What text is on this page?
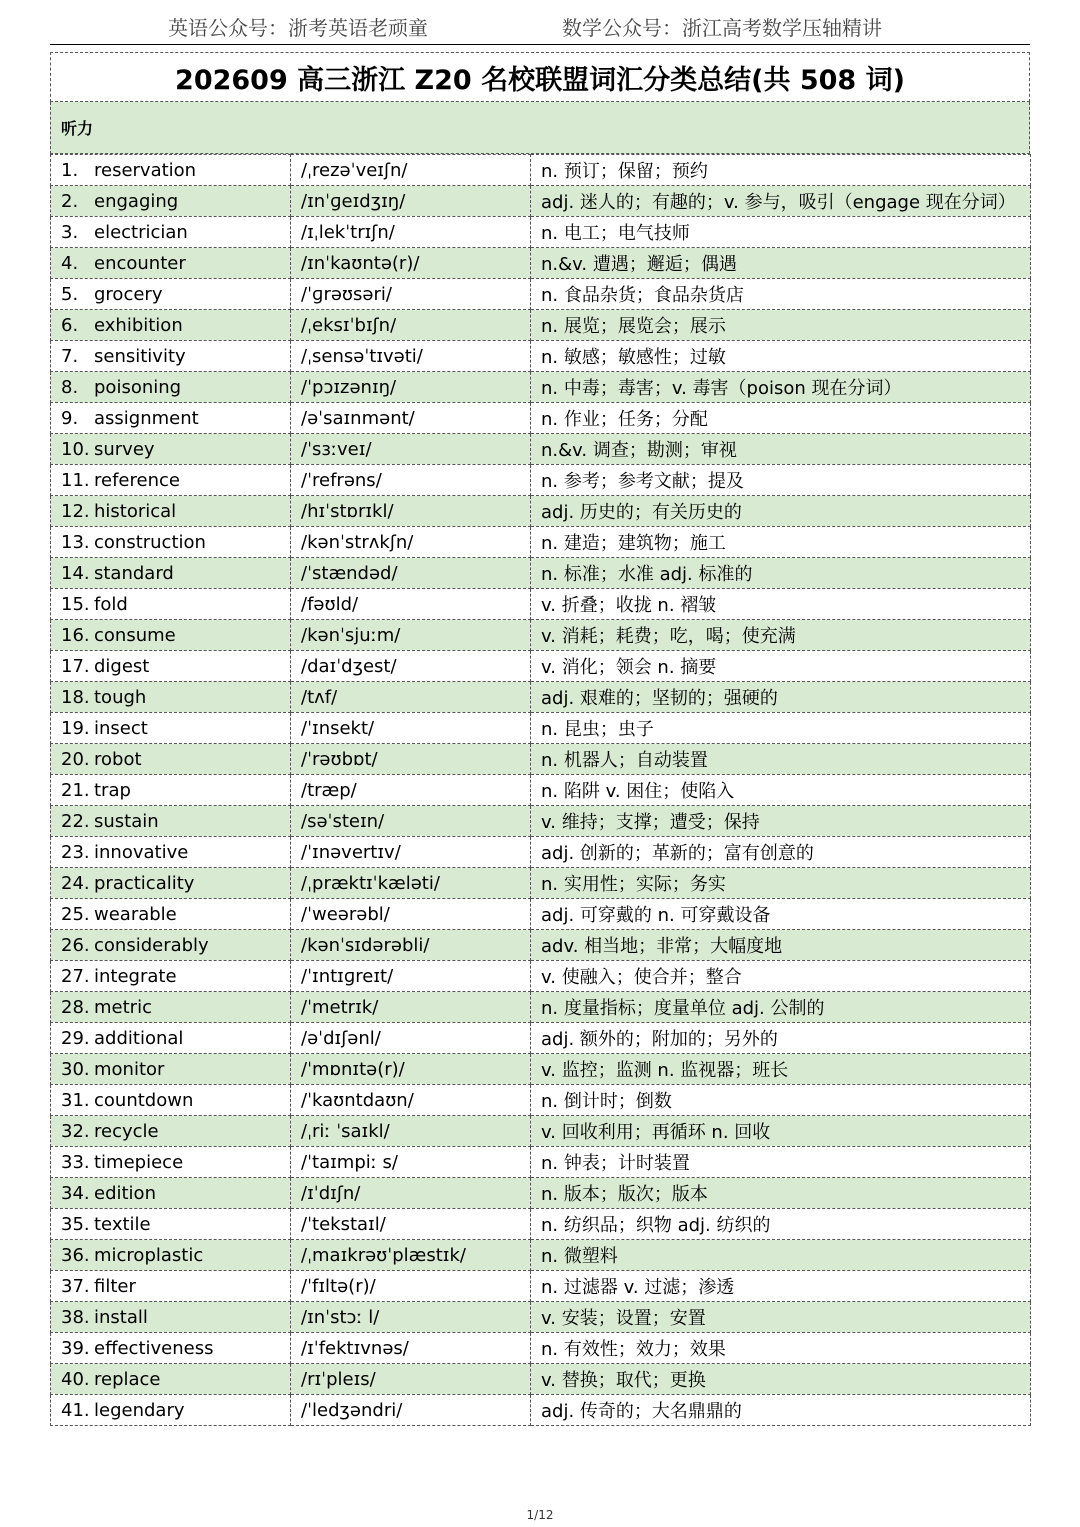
英语公众号：浙考英语老顽童	数学公众号：浙江高考数学压轴精讲
202609 高三浙江 Z20 名校联盟词汇分类总结(共 508 词)
听力
1. reservation	/ˌrezəˈveɪʃn/	n. 预订；保留；预约
2. engaging	/ɪnˈɡeɪdʒɪŋ/	adj. 迷人的；有趣的；v. 参与，吸引（engage 现在分词）
3. electrician	/ɪˌlekˈtrɪʃn/	n. 电工；电气技师
4. encounter	/ɪnˈkaʊntə(r)/	n.&v. 遭遇；邂逅；偶遇
5. grocery	/ˈɡrəʊsəri/	n. 食品杂货；食品杂货店
6. exhibition	/ˌeksɪˈbɪʃn/	n. 展览；展览会；展示
7. sensitivity	/ˌsensəˈtɪvəti/	n. 敏感；敏感性；过敏
8. poisoning	/ˈpɔɪzənɪŋ/	n. 中毒；毒害；v. 毒害（poison 现在分词）
9. assignment	/əˈsaɪnmənt/	n. 作业；任务；分配
10. survey	/ˈsɜːveɪ/	n.&v. 调查；勘测；审视
11. reference	/ˈrefrəns/	n. 参考；参考文献；提及
12. historical	/hɪˈstɒrɪkl/	adj. 历史的；有关历史的
13. construction	/kənˈstrʌkʃn/	n. 建造；建筑物；施工
14. standard	/ˈstændəd/	n. 标准；水准 adj. 标准的
15. fold	/fəʊld/	v. 折叠；收拢 n. 褶皱
16. consume	/kənˈsjuːm/	v. 消耗；耗费；吃，喝；使充满
17. digest	/daɪˈdʒest/	v. 消化；领会 n. 摘要
18. tough	/tʌf/	adj. 艰难的；坚韧的；强硬的
19. insect	/ˈɪnsekt/	n. 昆虫；虫子
20. robot	/ˈrəʊbɒt/	n. 机器人；自动装置
21. trap	/træp/	n. 陷阱 v. 困住；使陷入
22. sustain	/səˈsteɪn/	v. 维持；支撑；遭受；保持
23. innovative	/ˈɪnəvertɪv/	adj. 创新的；革新的；富有创意的
24. practicality	/ˌpræktɪˈkæləti/	n. 实用性；实际；务实
25. wearable	/ˈweərəbl/	adj. 可穿戴的 n. 可穿戴设备
26. considerably	/kənˈsɪdərəbli/	adv. 相当地；非常；大幅度地
27. integrate	/ˈɪntɪɡreɪt/	v. 使融入；使合并；整合
28. metric	/ˈmetrɪk/	n. 度量指标；度量单位 adj. 公制的
29. additional	/əˈdɪʃənl/	adj. 额外的；附加的；另外的
30. monitor	/ˈmɒnɪtə(r)/	v. 监控；监测 n. 监视器；班长
31. countdown	/ˈkaʊntdaʊn/	n. 倒计时；倒数
32. recycle	/ˌriː ˈsaɪkl/	v. 回收利用；再循环 n. 回收
33. timepiece	/ˈtaɪmpiː s/	n. 钟表；计时装置
34. edition	/ɪˈdɪʃn/	n. 版本；版次；版本
35. textile	/ˈtekstaɪl/	n. 纺织品；织物 adj. 纺织的
36. microplastic	/ˌmaɪkrəʊˈplæstɪk/	n. 微塑料
37. filter	/ˈfɪltə(r)/	n. 过滤器 v. 过滤；渗透
38. install	/ɪnˈstɔː l/	v. 安装；设置；安置
39. effectiveness	/ɪˈfektɪvnəs/	n. 有效性；效力；效果
40. replace	/rɪˈpleɪs/	v. 替换；取代；更换
41. legendary	/ˈledʒəndri/	adj. 传奇的；大名鼎鼎的
1/12
